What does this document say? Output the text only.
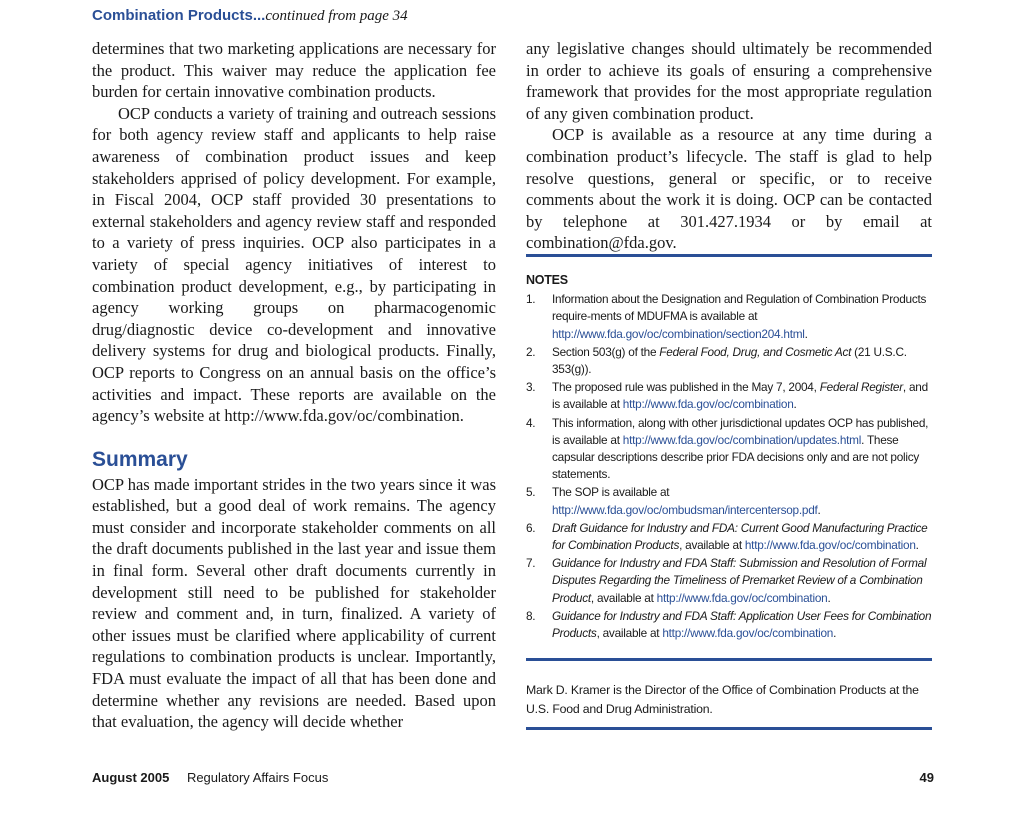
Combination Products...continued from page 34

determines that two marketing applications are necessary for the product. This waiver may reduce the application fee burden for certain innovative combination products.

OCP conducts a variety of training and outreach sessions for both agency review staff and applicants to help raise awareness of combination product issues and keep stakeholders apprised of policy development. For example, in Fiscal 2004, OCP staff provided 30 presentations to external stakeholders and agency review staff and responded to a variety of press inquiries. OCP also participates in a variety of special agency initiatives of interest to combination product development, e.g., by participating in agency working groups on pharmacogenomic drug/diagnostic device co-development and innovative delivery systems for drug and biological products. Finally, OCP reports to Congress on an annual basis on the office’s activities and impact. These reports are available on the agency’s website at http://www.fda.gov/oc/combination.

Summary

OCP has made important strides in the two years since it was established, but a good deal of work remains. The agency must consider and incorporate stakeholder comments on all the draft documents published in the last year and issue them in final form. Several other draft documents currently in development still need to be published for stakeholder review and comment and, in turn, finalized. A variety of other issues must be clarified where applicability of current regulations to combination products is unclear. Importantly, FDA must evaluate the impact of all that has been done and determine whether any revisions are needed. Based upon that evaluation, the agency will decide whether

any legislative changes should ultimately be recommended in order to achieve its goals of ensuring a comprehensive framework that provides for the most appropriate regulation of any given combination product.

OCP is available as a resource at any time during a combination product’s lifecycle. The staff is glad to help resolve questions, general or specific, or to receive comments about the work it is doing. OCP can be contacted by telephone at 301.427.1934 or by email at combination@fda.gov.

NOTES
1. Information about the Designation and Regulation of Combination Products require-ments of MDUFMA is available at http://www.fda.gov/oc/combination/section204.html.
2. Section 503(g) of the Federal Food, Drug, and Cosmetic Act (21 U.S.C. 353(g)).
3. The proposed rule was published in the May 7, 2004, Federal Register, and is available at http://www.fda.gov/oc/combination.
4. This information, along with other jurisdictional updates OCP has published, is available at http://www.fda.gov/oc/combination/updates.html. These capsular descriptions describe prior FDA decisions only and are not policy statements.
5. The SOP is available at http://www.fda.gov/oc/ombudsman/intercentersop.pdf.
6. Draft Guidance for Industry and FDA: Current Good Manufacturing Practice for Combination Products, available at http://www.fda.gov/oc/combination.
7. Guidance for Industry and FDA Staff: Submission and Resolution of Formal Disputes Regarding the Timeliness of Premarket Review of a Combination Product, available at http://www.fda.gov/oc/combination.
8. Guidance for Industry and FDA Staff: Application User Fees for Combination Products, available at http://www.fda.gov/oc/combination.
Mark D. Kramer is the Director of the Office of Combination Products at the U.S. Food and Drug Administration.
August 2005 Regulatory Affairs Focus	49
